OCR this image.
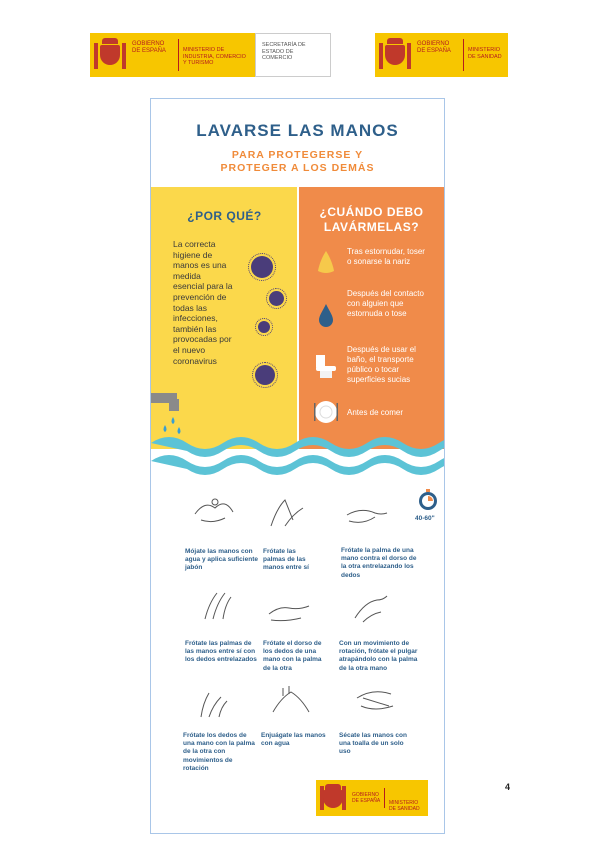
GOBIERNO DE ESPAÑA	MINISTERIO DE INDUSTRIA, COMERCIO Y TURISMO
SECRETARÍA DE ESTADO DE COMERCIO
GOBIERNO DE ESPAÑA	MINISTERIO DE SANIDAD
LAVARSE LAS MANOS
PARA PROTEGERSE Y
PROTEGER A LOS DEMÁS
¿POR QUÉ?
La correcta higiene de manos es una medida esencial para la prevención de todas las infecciones, también las provocadas por el nuevo coronavirus
¿CUÁNDO DEBO
LAVÁRMELAS?
Tras estornudar, toser o sonarse la nariz
Después del contacto con alguien que estornuda o tose
Después de usar el baño, el transporte público o tocar superficies sucias
Antes de comer
40-60"
Mójate las manos con agua y aplica suficiente jabón
Frótate las palmas de las manos entre sí
Frótate la palma de una mano contra el dorso de la otra entrelazando los dedos
Frótate las palmas de las manos entre sí con los dedos entrelazados
Frótate el dorso de los dedos de una mano con la palma de la otra
Con un movimiento de rotación, frótate el pulgar atrapándolo con la palma de la otra mano
Frótate los dedos de una mano con la palma de la otra con movimientos de rotación
Enjuágate las manos con agua
Sécate las manos con una toalla de un solo uso
GOBIERNO DE ESPAÑA	MINISTERIO DE SANIDAD
4
